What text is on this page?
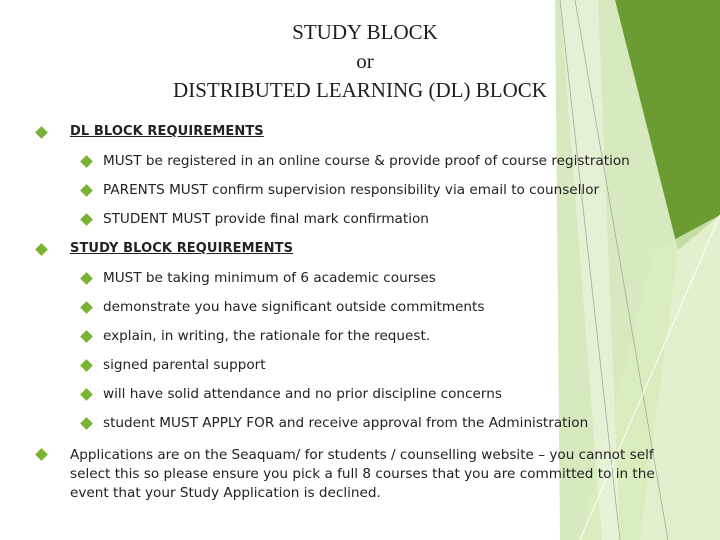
STUDY BLOCK
or
DISTRIBUTED LEARNING (DL) BLOCK
DL BLOCK REQUIREMENTS
MUST be registered in an online course & provide proof of course registration
PARENTS MUST confirm supervision responsibility via email to counsellor
STUDENT MUST provide final mark confirmation
STUDY BLOCK REQUIREMENTS
MUST be taking minimum of 6 academic courses
demonstrate you have significant outside commitments
explain, in writing, the rationale for the request.
signed parental support
will have solid attendance and no prior discipline concerns
student MUST APPLY FOR and receive approval from the Administration
Applications are on the Seaquam/ for students / counselling website – you cannot self select this so please ensure you pick a full 8 courses that you are committed to in the event that your Study Application is declined.
